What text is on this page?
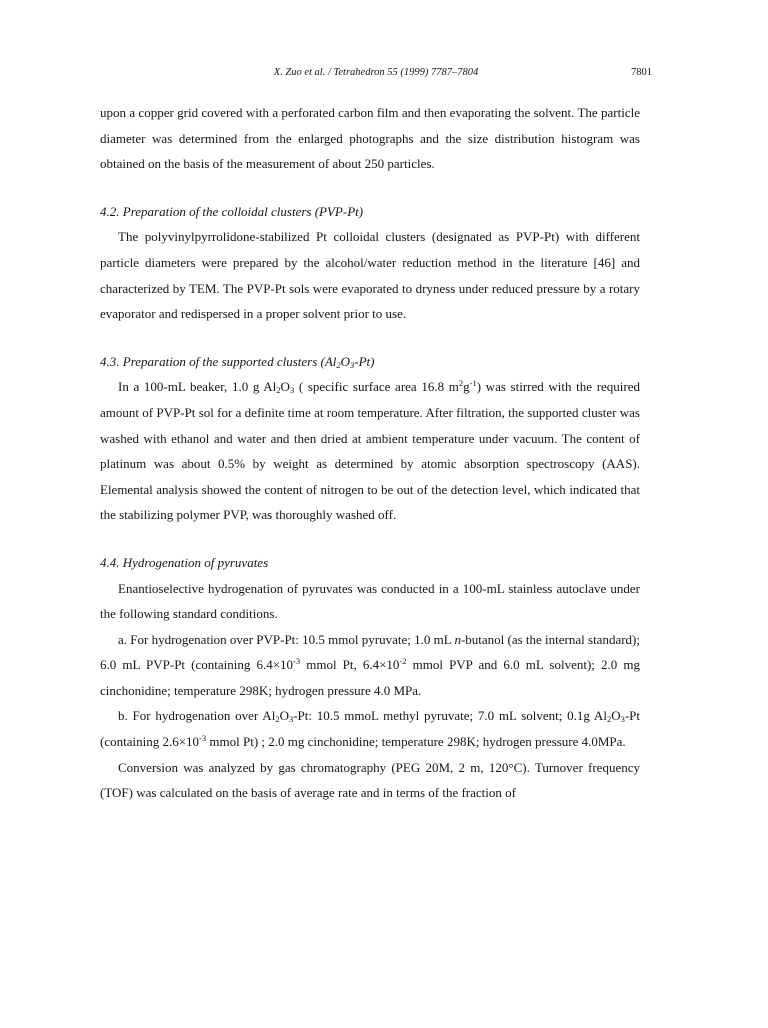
X. Zuo et al. / Tetrahedron 55 (1999) 7787–7804	7801

upon a copper grid covered with a perforated carbon film and then evaporating the solvent. The particle diameter was determined from the enlarged photographs and the size distribution histogram was obtained on the basis of the measurement of about 250 particles.

4.2. Preparation of the colloidal clusters (PVP-Pt)

The polyvinylpyrrolidone-stabilized Pt colloidal clusters (designated as PVP-Pt) with different particle diameters were prepared by the alcohol/water reduction method in the literature [46] and characterized by TEM. The PVP-Pt sols were evaporated to dryness under reduced pressure by a rotary evaporator and redispersed in a proper solvent prior to use.

4.3. Preparation of the supported clusters $(Al_2O_3-Pt)$

In a 100-mL beaker, 1.0 g $Al_2O_3$ ( specific surface area 16.8 $m^2g^{-1}$) was stirred with the required amount of PVP-Pt sol for a definite time at room temperature. After filtration, the supported cluster was washed with ethanol and water and then dried at ambient temperature under vacuum. The content of platinum was about 0.5% by weight as determined by atomic absorption spectroscopy (AAS). Elemental analysis showed the content of nitrogen to be out of the detection level, which indicated that the stabilizing polymer PVP, was thoroughly washed off.

4.4. Hydrogenation of pyruvates

Enantioselective hydrogenation of pyruvates was conducted in a 100-mL stainless autoclave under the following standard conditions.

a. For hydrogenation over PVP-Pt: 10.5 mmol pyruvate; 1.0 mL n-butanol (as the internal standard); 6.0 mL PVP-Pt (containing $6.4\times 10^{-3}$ mmol Pt, $6.4\times 10^{-2}$ mmol PVP and 6.0 mL solvent); 2.0 mg cinchonidine; temperature 298K; hydrogen pressure 4.0 MPa.

b. For hydrogenation over $Al_2O_3-Pt$: 10.5 mmoL methyl pyruvate; 7.0 mL solvent; 0.1g $Al_2O_3-Pt$ (containing $2.6\times 10^{-3}$ mmol Pt) ; 2.0 mg cinchonidine; temperature 298K; hydrogen pressure 4.0MPa.

Conversion was analyzed by gas chromatography (PEG 20M, 2 m, 120°C). Turnover frequency (TOF) was calculated on the basis of average rate and in terms of the fraction of
